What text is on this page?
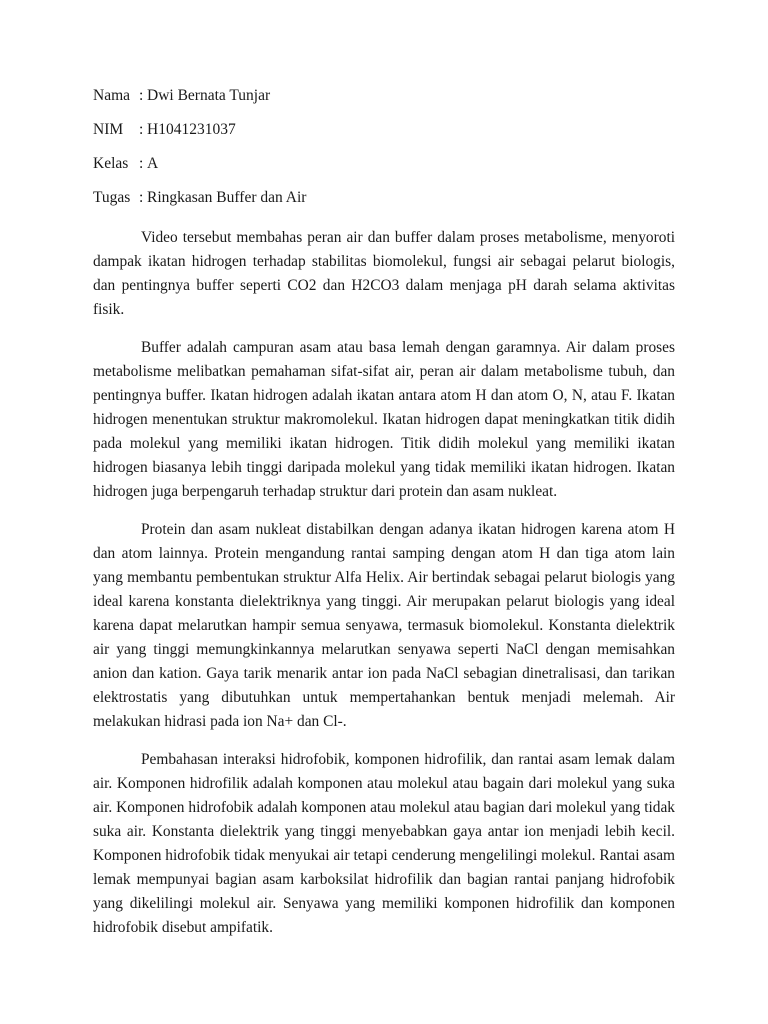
Nama : Dwi Bernata Tunjar
NIM	: H1041231037
Kelas : A
Tugas : Ringkasan Buffer dan Air

Video tersebut membahas peran air dan buffer dalam proses metabolisme, menyoroti dampak ikatan hidrogen terhadap stabilitas biomolekul, fungsi air sebagai pelarut biologis, dan pentingnya buffer seperti CO2 dan H2CO3 dalam menjaga pH darah selama aktivitas fisik.

Buffer adalah campuran asam atau basa lemah dengan garamnya. Air dalam proses metabolisme melibatkan pemahaman sifat-sifat air, peran air dalam metabolisme tubuh, dan pentingnya buffer. Ikatan hidrogen adalah ikatan antara atom H dan atom O, N, atau F. Ikatan hidrogen menentukan struktur makromolekul. Ikatan hidrogen dapat meningkatkan titik didih pada molekul yang memiliki ikatan hidrogen. Titik didih molekul yang memiliki ikatan hidrogen biasanya lebih tinggi daripada molekul yang tidak memiliki ikatan hidrogen. Ikatan hidrogen juga berpengaruh terhadap struktur dari protein dan asam nukleat.

Protein dan asam nukleat distabilkan dengan adanya ikatan hidrogen karena atom H dan atom lainnya. Protein mengandung rantai samping dengan atom H dan tiga atom lain yang membantu pembentukan struktur Alfa Helix. Air bertindak sebagai pelarut biologis yang ideal karena konstanta dielektriknya yang tinggi. Air merupakan pelarut biologis yang ideal karena dapat melarutkan hampir semua senyawa, termasuk biomolekul. Konstanta dielektrik air yang tinggi memungkinkannya melarutkan senyawa seperti NaCl dengan memisahkan anion dan kation. Gaya tarik menarik antar ion pada NaCl sebagian dinetralisasi, dan tarikan elektrostatis yang dibutuhkan untuk mempertahankan bentuk menjadi melemah. Air melakukan hidrasi pada ion Na+ dan Cl-.

Pembahasan interaksi hidrofobik, komponen hidrofilik, dan rantai asam lemak dalam air. Komponen hidrofilik adalah komponen atau molekul atau bagain dari molekul yang suka air. Komponen hidrofobik adalah komponen atau molekul atau bagian dari molekul yang tidak suka air. Konstanta dielektrik yang tinggi menyebabkan gaya antar ion menjadi lebih kecil. Komponen hidrofobik tidak menyukai air tetapi cenderung mengelilingi molekul. Rantai asam lemak mempunyai bagian asam karboksilat hidrofilik dan bagian rantai panjang hidrofobik yang dikelilingi molekul air. Senyawa yang memiliki komponen hidrofilik dan komponen hidrofobik disebut ampifatik.
